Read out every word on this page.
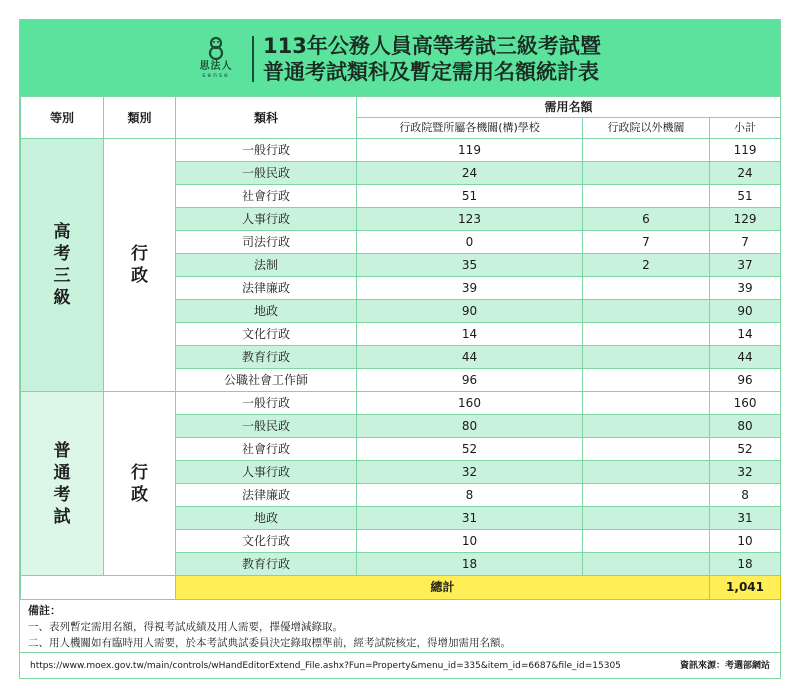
思法人
sense
113年公務人員高等考試三級考試暨
普通考試類科及暫定需用名額統計表
等別	類別	類科	需用名額		
			行政院暨所屬各機關(構)學校	行政院以外機關	小計
高考三級	行政	一般行政	119		119
		一般民政	24		24
		社會行政	51		51
		人事行政	123	6	129
		司法行政	0	7	7
		法制	35	2	37
		法律廉政	39		39
		地政	90		90
		文化行政	14		14
		教育行政	44		44
		公職社會工作師	96		96
普通考試	行政	一般行政	160		160
		一般民政	80		80
		社會行政	52		52
		人事行政	32		32
		法律廉政	8		8
		地政	31		31
		文化行政	10		10
		教育行政	18		18
		總計			1,041
備註：
一、表列暫定需用名額，得視考試成績及用人需要，擇優增減錄取。
二、用人機關如有臨時用人需要，於本考試典試委員決定錄取標準前，經考試院核定，得增加需用名額。
https://www.moex.gov.tw/main/controls/wHandEditorExtend_File.ashx?Fun=Property&menu_id=335&item_id=6687&file_id=15305	資訊來源：考選部網站
